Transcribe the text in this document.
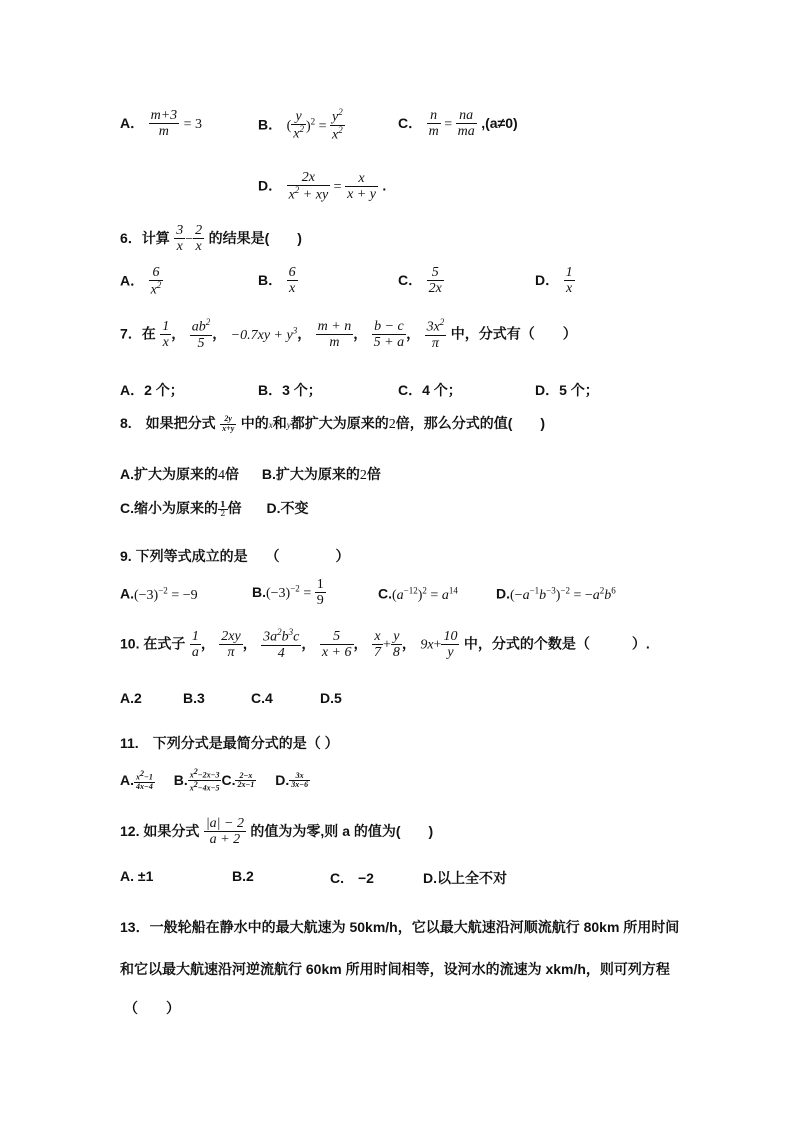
A． $\frac{m+3}{m} = 3$	B． ( $\frac{y}{x^2} )^2 = \frac{y^2}{x^2}$	C． $\frac{n}{m} = \frac{na}{ma} ,(a\ne 0)$
D． $\frac{2x}{x^2 + xy} = \frac{x}{x + y}$ .
6．计算 $\frac{3}{x} - \frac{2}{x}$ 的结果是(　　)
A． $\frac{6}{x^2}$	B． $\frac{6}{x}$	C． $\frac{5}{2x}$	D． $\frac{1}{x}$
7．在 $\frac{1}{x}$ ， $\frac{ab^2}{5}$ ， $-0.7xy + y^3$， $\frac{m + n}{m}$ ， $\frac{b - c}{5 + a}$ ， $\frac{3x^2}{\pi}$ 中，分式有（　　）
A．2 个；	B．3 个；	C．4 个；	D．5 个；
8.　如果把分式 $\frac{2y}{x+y}$ 中的x和y都扩大为原来的2倍，那么分式的值(　　)
A.扩大为原来的4倍 B.扩大为原来的2倍
C.缩小为原来的 $\frac{1}{2}$ 倍 D.不变
9. 下列等式成立的是　 （　　　　）
$A.(-3)^{-2} = -9$	$B.(-3)^{-2} = \frac{1}{9}$	$C.(a^{-12})^2 = a^{14}$	$D.(-a^{-1}b^{-3})^{-2} = -a^2b^6$
10. 在式子 $\frac{1}{a}$ ， $\frac{2xy}{\pi}$ ， $\frac{3a^2b^3c}{4}$ ， $\frac{5}{x + 6}$ ， $\frac{x}{7} + \frac{y}{8}$ ， $9x+ \frac{10}{y}$ 中，分式的个数是（　　　）.
A.2	B.3	C.4	D.5
11.　下列分式是最简分式的是（ ）
A. $\frac{x^2-1}{4x-4} B$. $\frac{x^2-2x-3}{x^2-4x-5} C$. $\frac{2-x}{2x-1} D$. $\frac{3x}{3x-6}$
12. 如果分式 $\frac{|a| - 2}{a + 2}$ 的值为为零,则 a 的值为(　　)
A. ±1	B.2	C.　−2	D.以上全不对
13．一般轮船在静水中的最大航速为 50km/h，它以最大航速沿河顺流航行 80km 所用时间
和它以最大航速沿河逆流航行 60km 所用时间相等，设河水的流速为 xkm/h，则可列方程
（　　）
